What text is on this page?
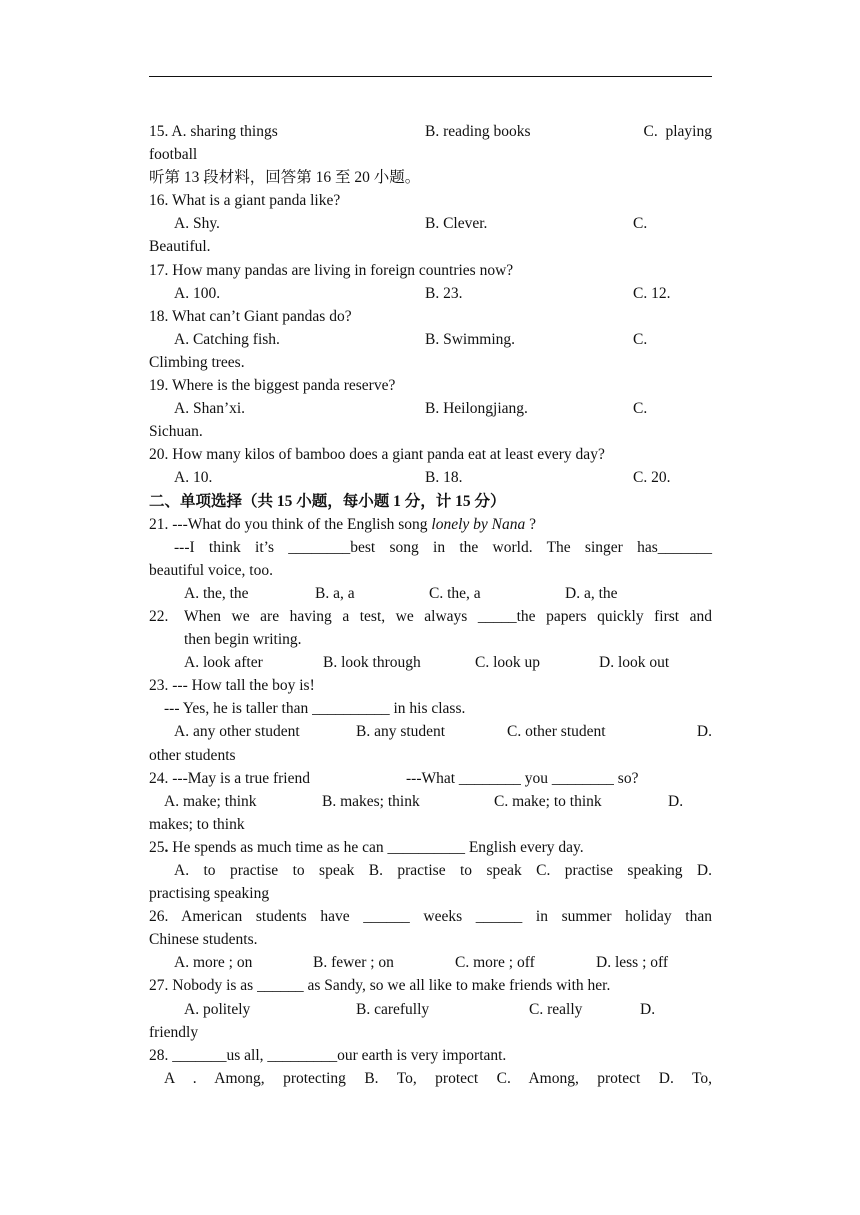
15. A. sharing things	B. reading books	C.  playing
football
听第 13 段材料，回答第 16 至 20 小题。
16. What is a giant panda like?
A. Shy.	B. Clever.	C.
Beautiful.
17. How many pandas are living in foreign countries now?
A. 100.	B. 23.	C. 12.
18. What can’t Giant pandas do?
A. Catching fish.	B. Swimming.	C.
Climbing trees.
19. Where is the biggest panda reserve?
A. Shan’xi.	B. Heilongjiang.	C.
Sichuan.
20. How many kilos of bamboo does a giant panda eat at least every day?
A. 10.	B. 18.	C. 20.
二、单项选择（共 15 小题，每小题 1 分，计 15 分）
21. ---What do you think of the English song lonely by Nana ?
---I think it’s ________best song in the world. The singer has_______
beautiful voice, too.
A. the, the	B. a, a	C. the, a	D. a, the
22. When we are having a test, we always _____the papers quickly first and
then begin writing.
A. look after	B. look through	C. look up	D. look out
23. --- How tall the boy is!
--- Yes, he is taller than __________ in his class.
A. any other student	B. any student	C. other student	D.
other students
24. ---May is a true friend	---What ________ you ________ so?
A. make; think	B. makes; think	C. make; to think	D.
makes; to think
25. He spends as much time as he can __________ English every day.
A. to practise to speak B. practise to speak C. practise speaking D.
practising speaking
26. American students have ______ weeks ______ in summer holiday than
Chinese students.
A. more ; on	B. fewer ; on	C. more ; off	D. less ; off
27. Nobody is as ______ as Sandy, so we all like to make friends with her.
A. politely	B. carefully	C. really	D.
friendly
28. _______us all, _________our earth is very important.
A . Among, protecting B. To, protect C. Among, protect D. To,
